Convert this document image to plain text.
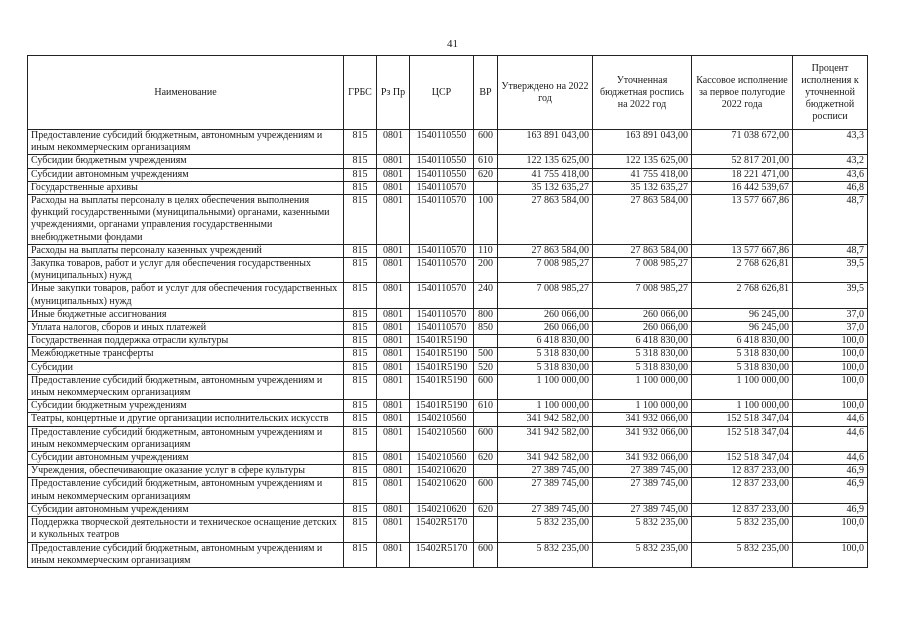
41
Наименование	ГРБС	Рз Пр	ЦСР	ВР	Утверждено на 2022 год	Уточненная бюджетная роспись на 2022 год	Кассовое исполнение за первое полугодие 2022 года	Процент исполнения к уточненной бюджетной росписи
Предоставление субсидий бюджетным, автономным учреждениям и иным некоммерческим организациям	815	0801	1540110550	600	163 891 043,00	163 891 043,00	71 038 672,00	43,3
Субсидии бюджетным учреждениям	815	0801	1540110550	610	122 135 625,00	122 135 625,00	52 817 201,00	43,2
Субсидии автономным учреждениям	815	0801	1540110550	620	41 755 418,00	41 755 418,00	18 221 471,00	43,6
Государственные архивы	815	0801	1540110570		35 132 635,27	35 132 635,27	16 442 539,67	46,8
Расходы на выплаты персоналу в целях обеспечения выполнения функций государственными (муниципальными) органами, казенными учреждениями, органами управления государственными внебюджетными фондами	815	0801	1540110570	100	27 863 584,00	27 863 584,00	13 577 667,86	48,7
Расходы на выплаты персоналу казенных учреждений	815	0801	1540110570	110	27 863 584,00	27 863 584,00	13 577 667,86	48,7
Закупка товаров, работ и услуг для обеспечения государственных (муниципальных) нужд	815	0801	1540110570	200	7 008 985,27	7 008 985,27	2 768 626,81	39,5
Иные закупки товаров, работ и услуг для обеспечения государственных (муниципальных) нужд	815	0801	1540110570	240	7 008 985,27	7 008 985,27	2 768 626,81	39,5
Иные бюджетные ассигнования	815	0801	1540110570	800	260 066,00	260 066,00	96 245,00	37,0
Уплата налогов, сборов и иных платежей	815	0801	1540110570	850	260 066,00	260 066,00	96 245,00	37,0
Государственная поддержка отрасли культуры	815	0801	15401R5190		6 418 830,00	6 418 830,00	6 418 830,00	100,0
Межбюджетные трансферты	815	0801	15401R5190	500	5 318 830,00	5 318 830,00	5 318 830,00	100,0
Субсидии	815	0801	15401R5190	520	5 318 830,00	5 318 830,00	5 318 830,00	100,0
Предоставление субсидий бюджетным, автономным учреждениям и иным некоммерческим организациям	815	0801	15401R5190	600	1 100 000,00	1 100 000,00	1 100 000,00	100,0
Субсидии бюджетным учреждениям	815	0801	15401R5190	610	1 100 000,00	1 100 000,00	1 100 000,00	100,0
Театры, концертные и другие организации исполнительских искусств	815	0801	1540210560		341 942 582,00	341 932 066,00	152 518 347,04	44,6
Предоставление субсидий бюджетным, автономным учреждениям и иным некоммерческим организациям	815	0801	1540210560	600	341 942 582,00	341 932 066,00	152 518 347,04	44,6
Субсидии автономным учреждениям	815	0801	1540210560	620	341 942 582,00	341 932 066,00	152 518 347,04	44,6
Учреждения, обеспечивающие оказание услуг в сфере культуры	815	0801	1540210620		27 389 745,00	27 389 745,00	12 837 233,00	46,9
Предоставление субсидий бюджетным, автономным учреждениям и иным некоммерческим организациям	815	0801	1540210620	600	27 389 745,00	27 389 745,00	12 837 233,00	46,9
Субсидии автономным учреждениям	815	0801	1540210620	620	27 389 745,00	27 389 745,00	12 837 233,00	46,9
Поддержка творческой деятельности и техническое оснащение детских и кукольных театров	815	0801	15402R5170		5 832 235,00	5 832 235,00	5 832 235,00	100,0
Предоставление субсидий бюджетным, автономным учреждениям и иным некоммерческим организациям	815	0801	15402R5170	600	5 832 235,00	5 832 235,00	5 832 235,00	100,0
